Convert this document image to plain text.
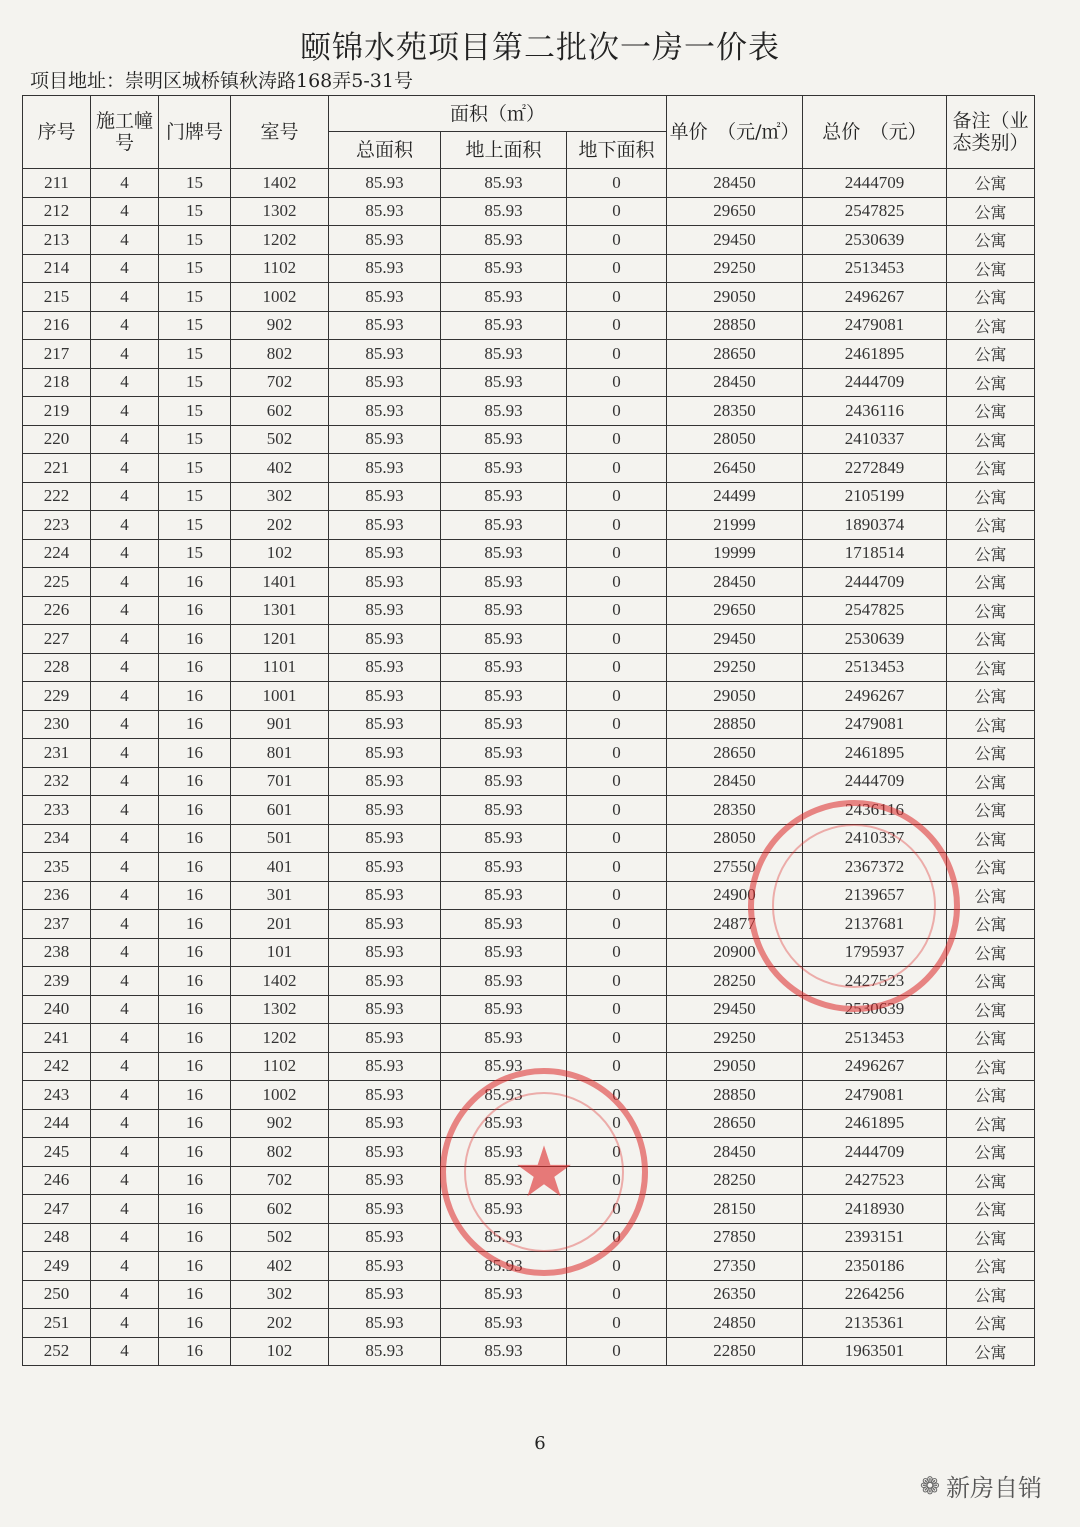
颐锦水苑项目第二批次一房一价表
项目地址：崇明区城桥镇秋涛路168弄5-31号
序号	施工幢号	门牌号	室号	面积（㎡）			单价　（元/㎡）	总价　（元）	备注（业态类别）
				总面积	地上面积	地下面积			
211	4	15	1402	85.93	85.93	0	28450	2444709	公寓
212	4	15	1302	85.93	85.93	0	29650	2547825	公寓
213	4	15	1202	85.93	85.93	0	29450	2530639	公寓
214	4	15	1102	85.93	85.93	0	29250	2513453	公寓
215	4	15	1002	85.93	85.93	0	29050	2496267	公寓
216	4	15	902	85.93	85.93	0	28850	2479081	公寓
217	4	15	802	85.93	85.93	0	28650	2461895	公寓
218	4	15	702	85.93	85.93	0	28450	2444709	公寓
219	4	15	602	85.93	85.93	0	28350	2436116	公寓
220	4	15	502	85.93	85.93	0	28050	2410337	公寓
221	4	15	402	85.93	85.93	0	26450	2272849	公寓
222	4	15	302	85.93	85.93	0	24499	2105199	公寓
223	4	15	202	85.93	85.93	0	21999	1890374	公寓
224	4	15	102	85.93	85.93	0	19999	1718514	公寓
225	4	16	1401	85.93	85.93	0	28450	2444709	公寓
226	4	16	1301	85.93	85.93	0	29650	2547825	公寓
227	4	16	1201	85.93	85.93	0	29450	2530639	公寓
228	4	16	1101	85.93	85.93	0	29250	2513453	公寓
229	4	16	1001	85.93	85.93	0	29050	2496267	公寓
230	4	16	901	85.93	85.93	0	28850	2479081	公寓
231	4	16	801	85.93	85.93	0	28650	2461895	公寓
232	4	16	701	85.93	85.93	0	28450	2444709	公寓
233	4	16	601	85.93	85.93	0	28350	2436116	公寓
234	4	16	501	85.93	85.93	0	28050	2410337	公寓
235	4	16	401	85.93	85.93	0	27550	2367372	公寓
236	4	16	301	85.93	85.93	0	24900	2139657	公寓
237	4	16	201	85.93	85.93	0	24877	2137681	公寓
238	4	16	101	85.93	85.93	0	20900	1795937	公寓
239	4	16	1402	85.93	85.93	0	28250	2427523	公寓
240	4	16	1302	85.93	85.93	0	29450	2530639	公寓
241	4	16	1202	85.93	85.93	0	29250	2513453	公寓
242	4	16	1102	85.93	85.93	0	29050	2496267	公寓
243	4	16	1002	85.93	85.93	0	28850	2479081	公寓
244	4	16	902	85.93	85.93	0	28650	2461895	公寓
245	4	16	802	85.93	85.93	0	28450	2444709	公寓
246	4	16	702	85.93	85.93	0	28250	2427523	公寓
247	4	16	602	85.93	85.93	0	28150	2418930	公寓
248	4	16	502	85.93	85.93	0	27850	2393151	公寓
249	4	16	402	85.93	85.93	0	27350	2350186	公寓
250	4	16	302	85.93	85.93	0	26350	2264256	公寓
251	4	16	202	85.93	85.93	0	24850	2135361	公寓
252	4	16	102	85.93	85.93	0	22850	1963501	公寓
★
6
❁ 新房自销
